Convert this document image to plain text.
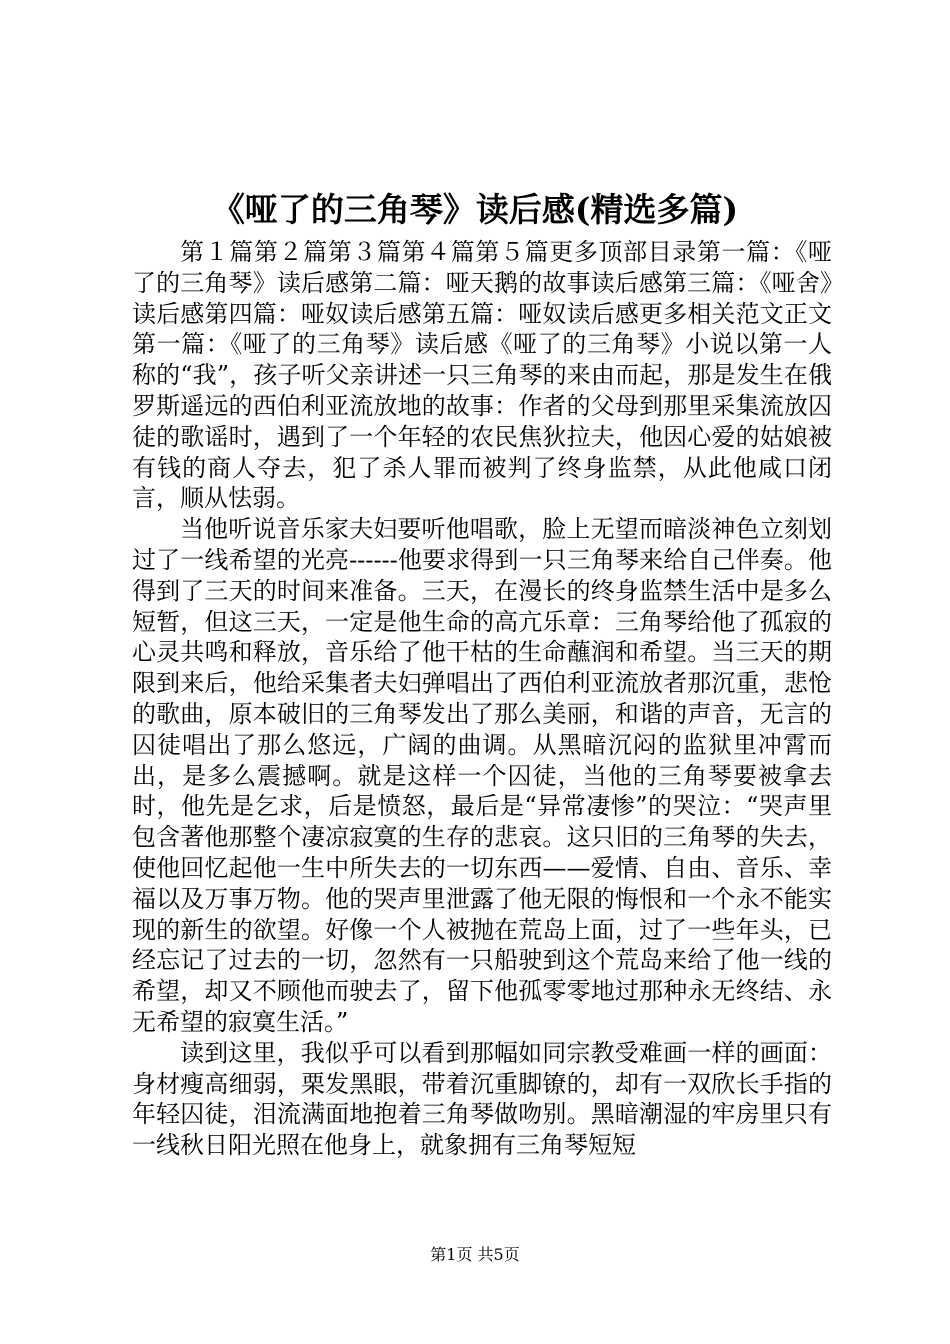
《哑了的三角琴》读后感(精选多篇)

第１篇第２篇第３篇第４篇第５篇更多顶部目录第一篇：《哑了的三角琴》读后感第二篇：哑天鹅的故事读后感第三篇：《哑舍》读后感第四篇：哑奴读后感第五篇：哑奴读后感更多相关范文正文第一篇：《哑了的三角琴》读后感《哑了的三角琴》小说以第一人称的“我”，孩子听父亲讲述一只三角琴的来由而起，那是发生在俄罗斯遥远的西伯利亚流放地的故事：作者的父母到那里采集流放囚徒的歌谣时，遇到了一个年轻的农民焦狄拉夫，他因心爱的姑娘被有钱的商人夺去，犯了杀人罪而被判了终身监禁，从此他咸口闭言，顺从怯弱。

当他听说音乐家夫妇要听他唱歌，脸上无望而暗淡神色立刻划过了一线希望的光亮------他要求得到一只三角琴来给自己伴奏。他得到了三天的时间来准备。三天，在漫长的终身监禁生活中是多么短暂，但这三天，一定是他生命的高亢乐章：三角琴给他了孤寂的心灵共鸣和释放，音乐给了他干枯的生命蘸润和希望。当三天的期限到来后，他给采集者夫妇弹唱出了西伯利亚流放者那沉重，悲怆的歌曲，原本破旧的三角琴发出了那么美丽，和谐的声音，无言的囚徒唱出了那么悠远，广阔的曲调。从黑暗沉闷的监狱里冲霄而出，是多么震撼啊。就是这样一个囚徒，当他的三角琴要被拿去时，他先是乞求，后是愤怒，最后是“异常凄惨”的哭泣：“哭声里包含著他那整个凄凉寂寞的生存的悲哀。这只旧的三角琴的失去，使他回忆起他一生中所失去的一切东西——爱情、自由、音乐、幸福以及万事万物。他的哭声里泄露了他无限的悔恨和一个永不能实现的新生的欲望。好像一个人被抛在荒岛上面，过了一些年头，已经忘记了过去的一切，忽然有一只船驶到这个荒岛来给了他一线的希望，却又不顾他而驶去了，留下他孤零零地过那种永无终结、永无希望的寂寞生活。”

读到这里，我似乎可以看到那幅如同宗教受难画一样的画面：身材瘦高细弱，栗发黑眼，带着沉重脚镣的，却有一双欣长手指的年轻囚徒，泪流满面地抱着三角琴做吻别。黑暗潮湿的牢房里只有一线秋日阳光照在他身上，就象拥有三角琴短短

第1页 共5页
